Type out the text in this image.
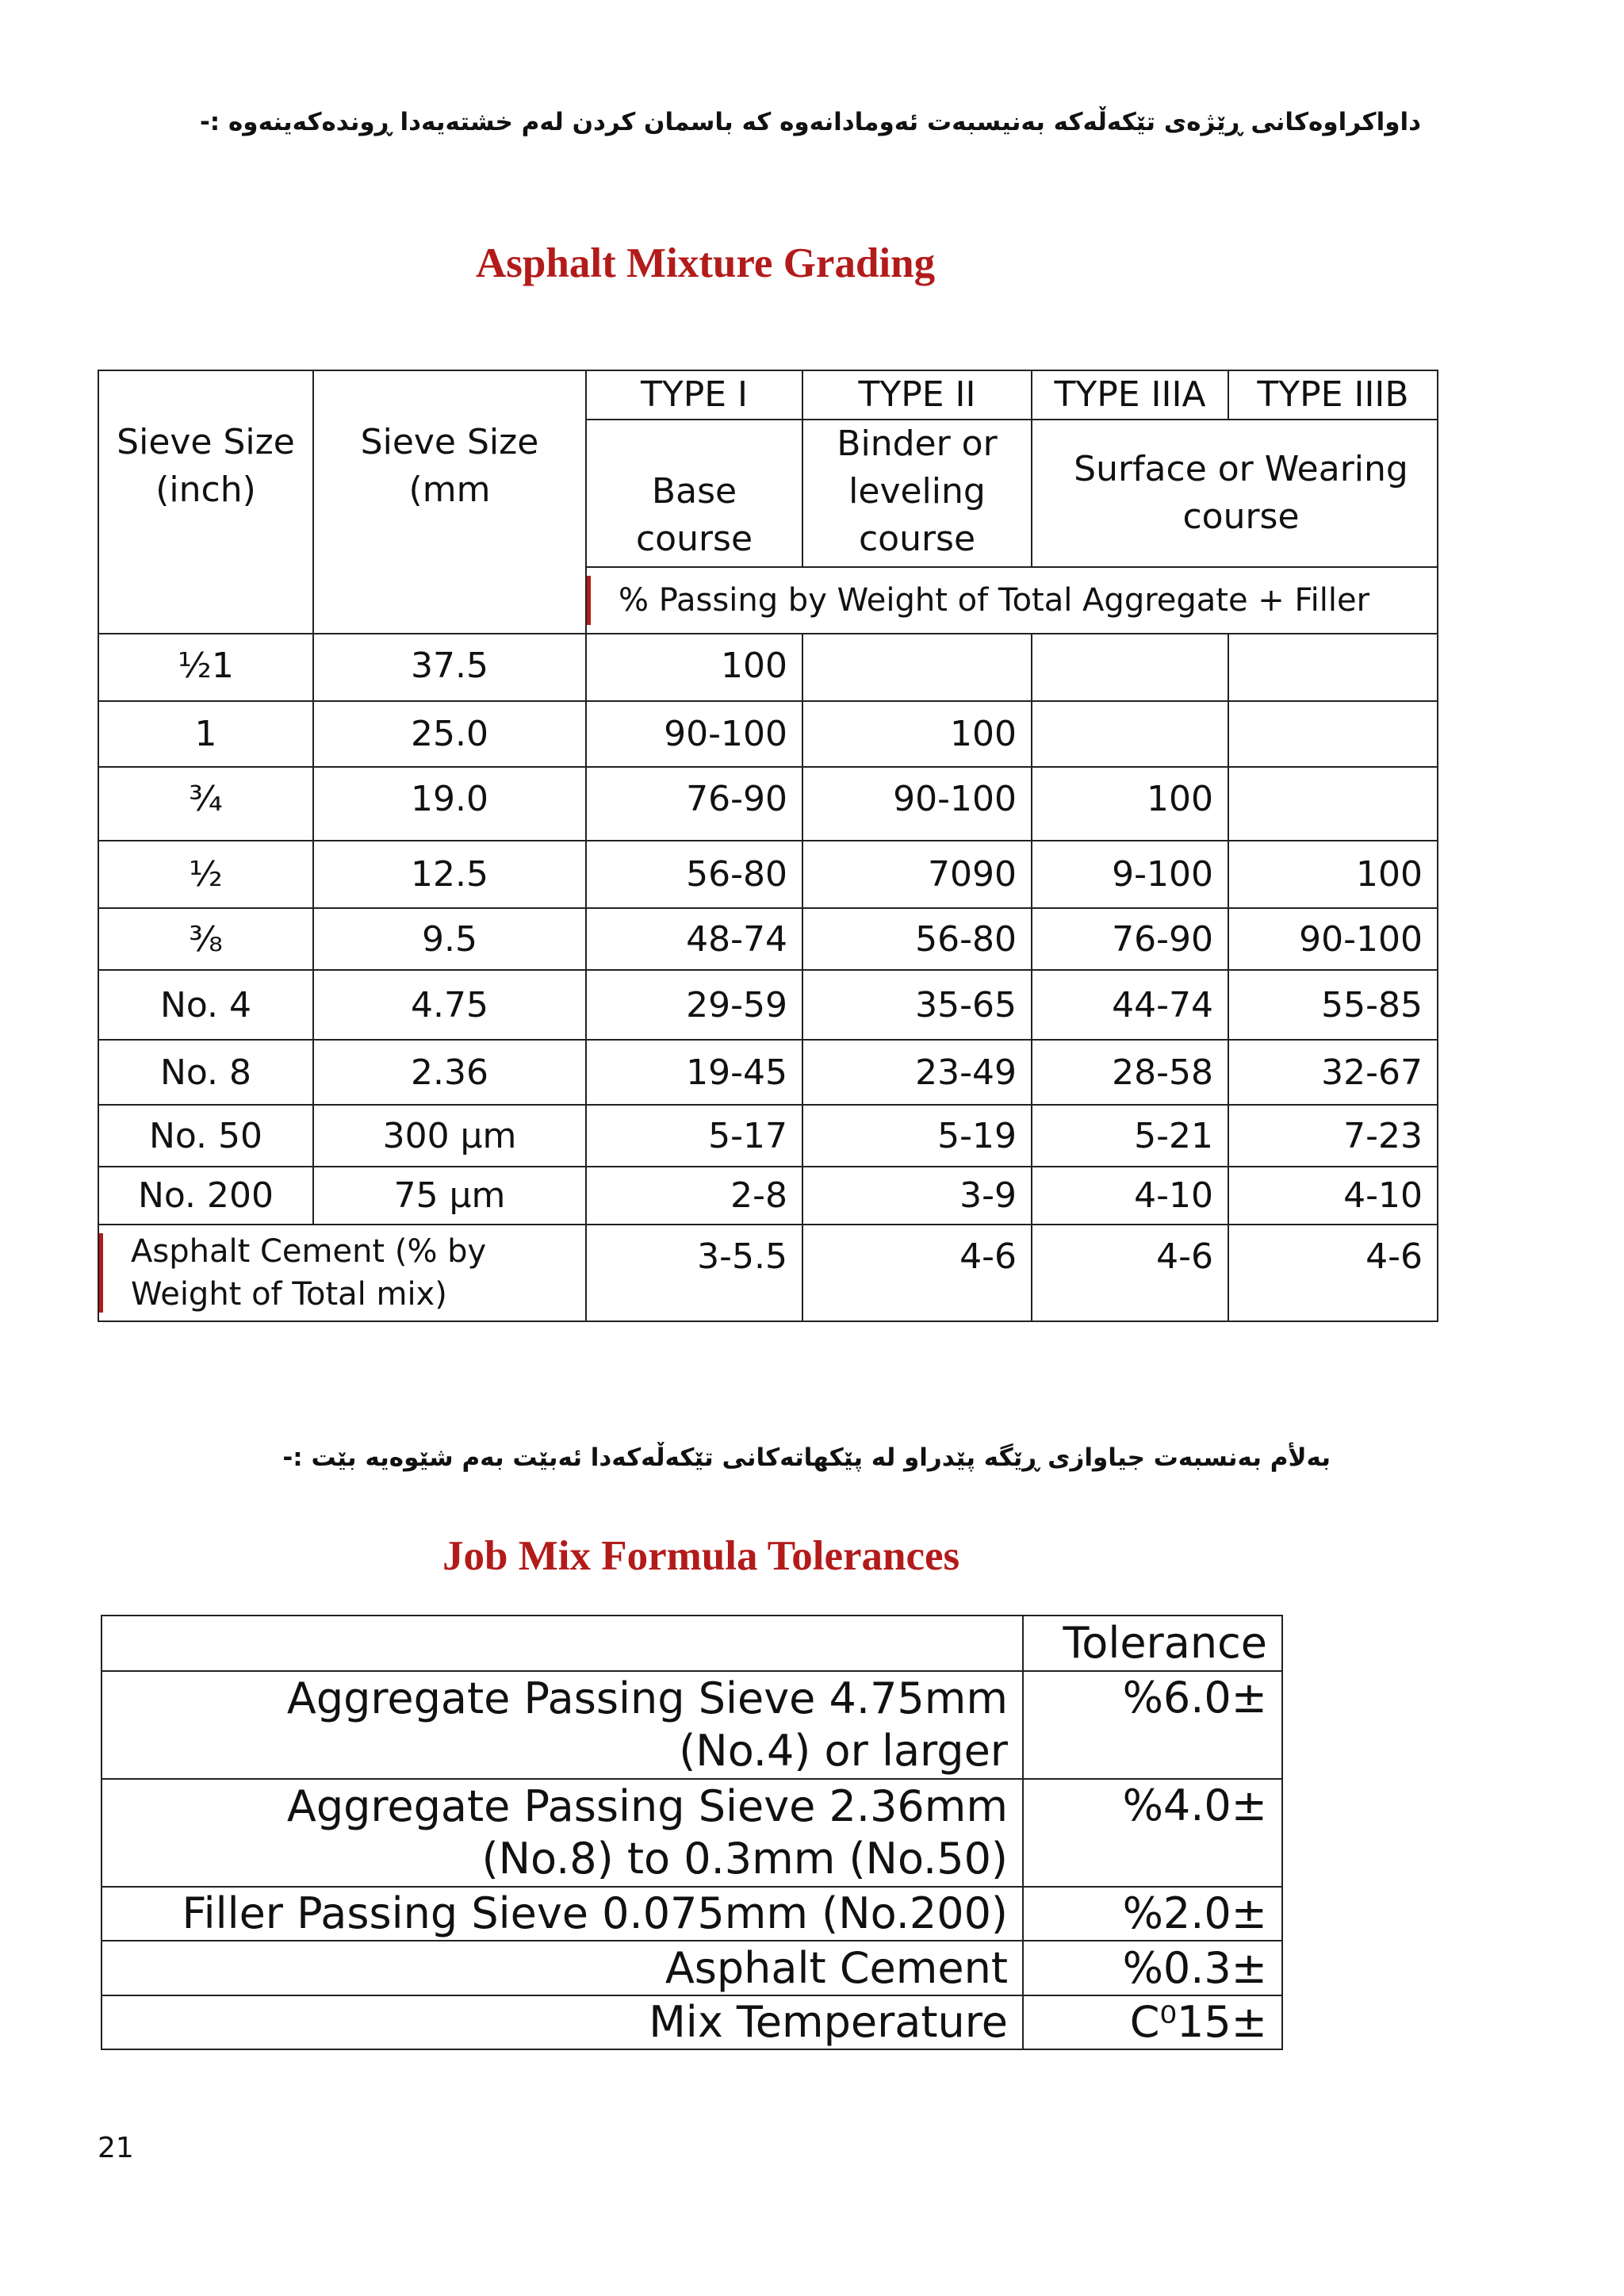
داواکراوەکانی ڕێژەی تێکەڵەکە بەنیسبەت ئەومادانەوە کە باسمان کردن لەم خشتەیەدا ڕوندەکەینەوە :-
Asphalt Mixture Grading
Sieve Size (inch)	Sieve Size (mm	TYPE I	TYPE II	TYPE IIIA	TYPE IIIB
		Base course	Binder or leveling course	Surface or Wearing course	

% Passing by Weight of Total Aggregate + Filler			
½1	37.5	100			
1	25.0	90-100	100		
¾	19.0	76-90	90-100	100	
½	12.5	56-80	7090	9-100	100
⅜	9.5	48-74	56-80	76-90	90-100
No. 4	4.75	29-59	35-65	44-74	55-85
No. 8	2.36	19-45	23-49	28-58	32-67
No. 50	300 µm	5-17	5-19	5-21	7-23
No. 200	75 µm	2-8	3-9	4-10	4-10

Asphalt Cement (% by Weight of Total mix)		3-5.5	4-6	4-6	4-6
بەلأم بەنسبەت جیاوازی ڕێگە پێدراو لە پێکهاتەکانی تێکەڵەکەدا ئەبێت بەم شێوەیە بێت :-
Job Mix Formula Tolerances
	Tolerance
Aggregate Passing Sieve 4.75mm (No.4) or larger	%6.0±
Aggregate Passing Sieve 2.36mm (No.8) to 0.3mm (No.50)	%4.0±
Filler Passing Sieve 0.075mm (No.200)	%2.0±
Asphalt Cement	%0.3±
Mix Temperature	C⁰15±
21
